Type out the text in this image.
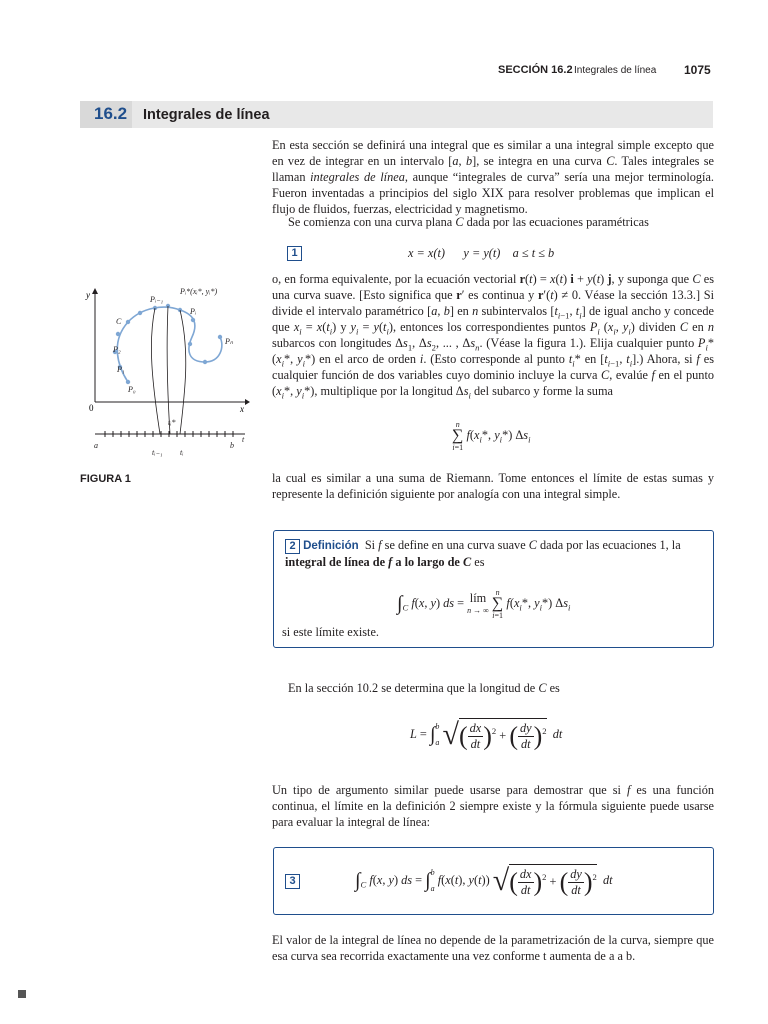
SECCIÓN 16.2 Integrales de línea 1075
16.2 Integrales de línea
En esta sección se definirá una integral que es similar a una integral simple excepto que en vez de integrar en un intervalo [a, b], se integra en una curva C. Tales integrales se llaman integrales de línea, aunque “integrales de curva” sería una mejor terminología. Fueron inventadas a principios del siglo XIX para resolver problemas que implican el flujo de fluidos, fuerzas, electricidad y magnetismo.
Se comienza con una curva plana C dada por las ecuaciones paramétricas
1	x = x(t)      y = y(t)    a ≤ t ≤ b
o, en forma equivalente, por la ecuación vectorial r(t) = x(t) i + y(t) j, y suponga que C es una curva suave. [Esto significa que r′ es continua y r′(t) ≠ 0. Véase la sección 13.3.] Si divide el intervalo paramétrico [a, b] en n subintervalos [$t_{i-1}$, $t_i$] de igual ancho y concede que $x_i = x(t_i)$ y $y_i = y(t_i)$, entonces los correspondientes puntos $P_i$ ($x_i$, $y_i$) dividen C en n subarcos con longitudes $\Delta s_1$, $\Delta s_2$, ... , $\Delta s_n$. (Véase la figura 1.). Elija cualquier punto $P_i*(x_i*$, $y_i*$) en el arco de orden i. (Esto corresponde al punto $t_i*$ en [$t_{i-1}$, $t_i$].) Ahora, si f es cualquier función de dos variables cuyo dominio incluye la curva C, evalúe f en el punto ($x_i*$, $y_i*$), multiplique por la longitud $\Delta s_i$ del subarco y forme la suma
n
∑
i=1 $f(x_i*$, $y_i*$) $\Delta s_i$
la cual es similar a una suma de Riemann. Tome entonces el límite de estas sumas y represente la definición siguiente por analogía con una integral simple.
2 Definición  Si f se define en una curva suave C dada por las ecuaciones 1, la integral de línea de f a lo largo de C es
$\int_C$ f(x, y) ds = lím
n → ∞ n
∑
i=1 $f(x_i*$, $y_i*$) $\Delta s_i$
si este límite existe.
En la sección 10.2 se determina que la longitud de C es
L = ∫b
a √( $\frac{dx}{dt} )^2$ + ( $\frac{dy}{dt} )^2$ dt
Un tipo de argumento similar puede usarse para demostrar que si f es una función continua, el límite en la definición 2 siempre existe y la fórmula siguiente puede usarse para evaluar la integral de línea:
3	$\int_C$ f(x, y) ds = ∫b
a f(x(t), y(t)) √( $\frac{dx}{dt} )^2$ + ( $\frac{dy}{dt} )^2$ dt
El valor de la integral de línea no depende de la parametrización de la curva, siempre que esa curva sea recorrida exactamente una vez conforme t aumenta de a a b.
y
x
0
C
P₀
P₁
P₂
Pᵢ₋₁
Pᵢ
Pₙ
Pᵢ*(xᵢ*, yᵢ*)
a	b
t
tᵢ*
tᵢ₋₁ tᵢ
FIGURA 1
